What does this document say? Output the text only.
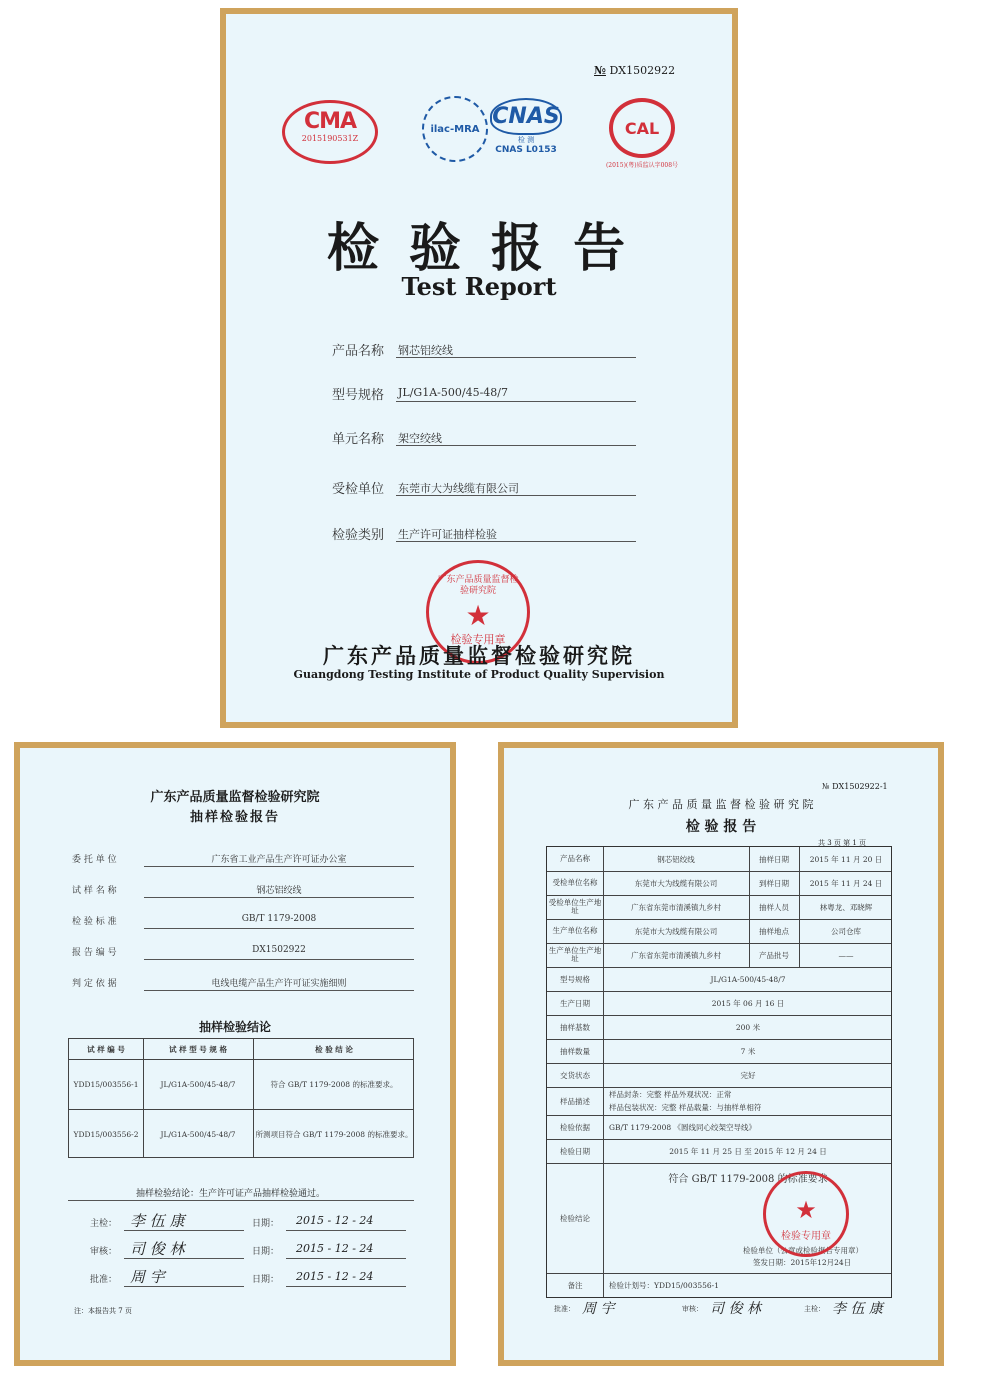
№ DX1502922
CMA
2015190531Z
ilac-MRA CNAS
检 测
CNAS L0153
CAL
(2015)(粤)质监认字008号
检 验 报 告
Test Report
产品名称 钢芯铝绞线
型号规格 JL/G1A-500/45-48/7
单元名称 架空绞线
受检单位 东莞市大为线缆有限公司
检验类别 生产许可证抽样检验
广东产品质量监督检验研究院
★
检验专用章
广东产品质量监督检验研究院
Guangdong Testing Institute of Product Quality Supervision
广东产品质量监督检验研究院
抽样检验报告
委 托 单 位	广东省工业产品生产许可证办公室
试 样 名 称	钢芯铝绞线
检 验 标 准	GB/T 1179-2008
报 告 编 号	DX1502922
判 定 依 据	电线电缆产品生产许可证实施细则
抽样检验结论
试 样 编 号	试 样 型 号 规 格	检 验 结 论
YDD15/003556-1	JL/G1A-500/45-48/7	符合 GB/T 1179-2008 的标准要求。
YDD15/003556-2	JL/G1A-500/45-48/7	所测项目符合 GB/T 1179-2008 的标准要求。
抽样检验结论：生产许可证产品抽样检验通过。
主检： 李 伍 康	日期： 2015 - 12 - 24
审核： 司 俊 林	日期： 2015 - 12 - 24
批准： 周 宇	日期： 2015 - 12 - 24
注：本报告共 7 页
№ DX1502922-1
广 东 产 品 质 量 监 督 检 验 研 究 院
检 验 报 告
共 3 页 第 1 页
产品名称	钢芯铝绞线	抽样日期	2015 年 11 月 20 日
受检单位名称	东莞市大为线缆有限公司	到样日期	2015 年 11 月 24 日
受检单位生产地址	广东省东莞市清溪镇九乡村	抽样人员	林粤龙、邓晓辉
生产单位名称	东莞市大为线缆有限公司	抽样地点	公司仓库
生产单位生产地址	广东省东莞市清溪镇九乡村	产品批号	——
型号规格	JL/G1A-500/45-48/7
生产日期	2015 年 06 月 16 日
抽样基数	200 米
抽样数量	7 米
交货状态	完好
样品描述
样品封条：完整 样品外观状况：正常
样品包装状况：完整 样品载量：与抽样单相符
检验依据	GB/T 1179-2008 《圆线同心绞架空导线》
检验日期	2015 年 11 月 25 日 至 2015 年 12 月 24 日
检验结论
符合 GB/T 1179-2008 的标准要求
检验单位（公章或检验报告专用章）
签发日期：2015年12月24日
★
检验专用章
备注	检验计划号：YDD15/003556-1
批准： 周 宇	审核： 司 俊 林	主检： 李 伍 康
